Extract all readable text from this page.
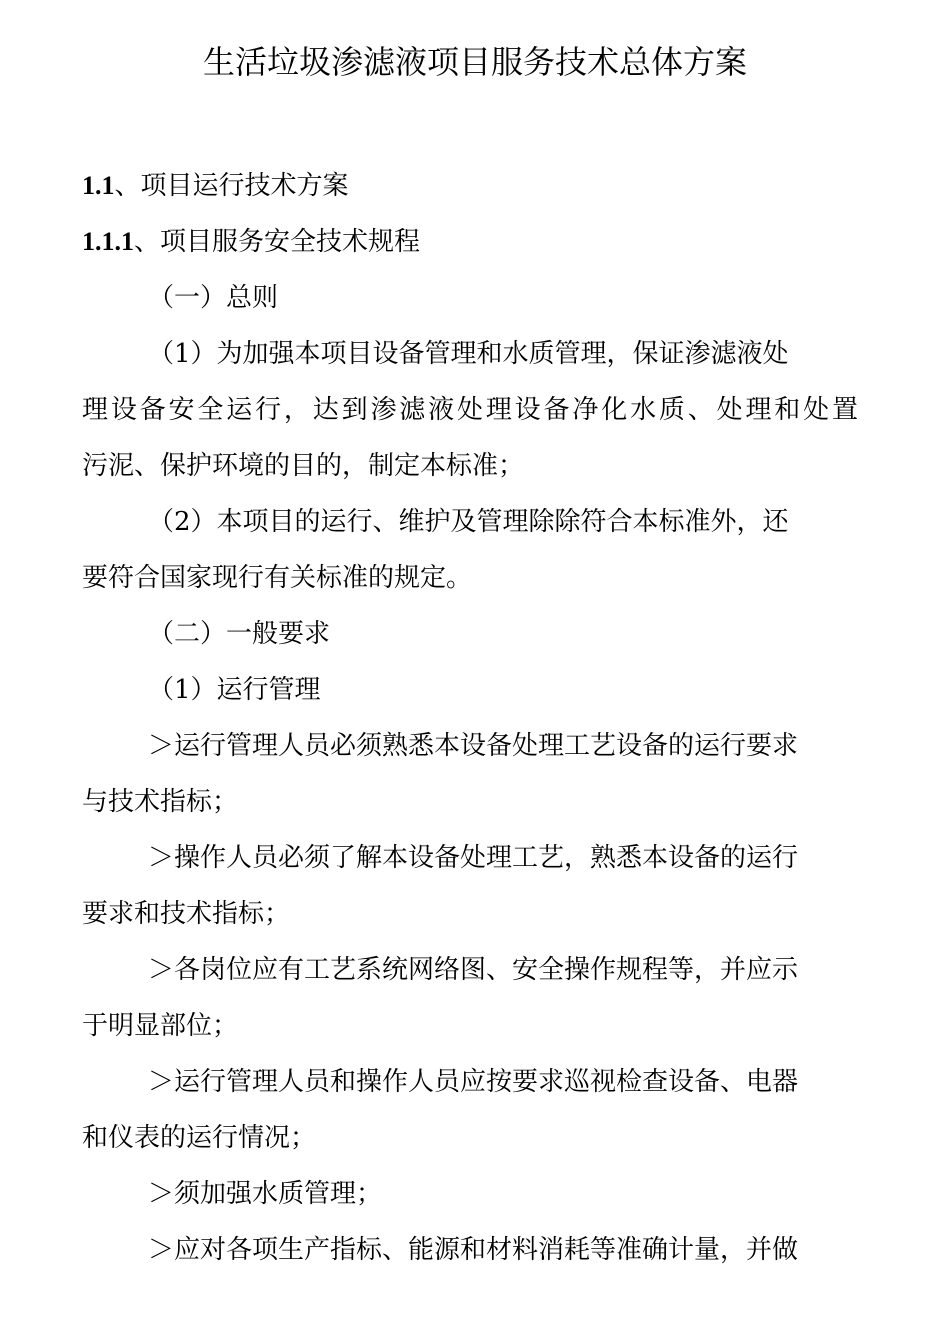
生活垃圾渗滤液项目服务技术总体方案

1.1、项目运行技术方案

1.1.1、项目服务安全技术规程

（一）总则

（1）为加强本项目设备管理和水质管理，保证渗滤液处
理设备安全运行，达到渗滤液处理设备净化水质、处理和处置
污泥、保护环境的目的，制定本标准；

（2）本项目的运行、维护及管理除除符合本标准外，还
要符合国家现行有关标准的规定。

（二）一般要求

（1）运行管理

＞运行管理人员必须熟悉本设备处理工艺设备的运行要求
与技术指标；

＞操作人员必须了解本设备处理工艺，熟悉本设备的运行
要求和技术指标；

＞各岗位应有工艺系统网络图、安全操作规程等，并应示
于明显部位；

＞运行管理人员和操作人员应按要求巡视检查设备、电器
和仪表的运行情况；

＞须加强水质管理；

＞应对各项生产指标、能源和材料消耗等准确计量，并做
